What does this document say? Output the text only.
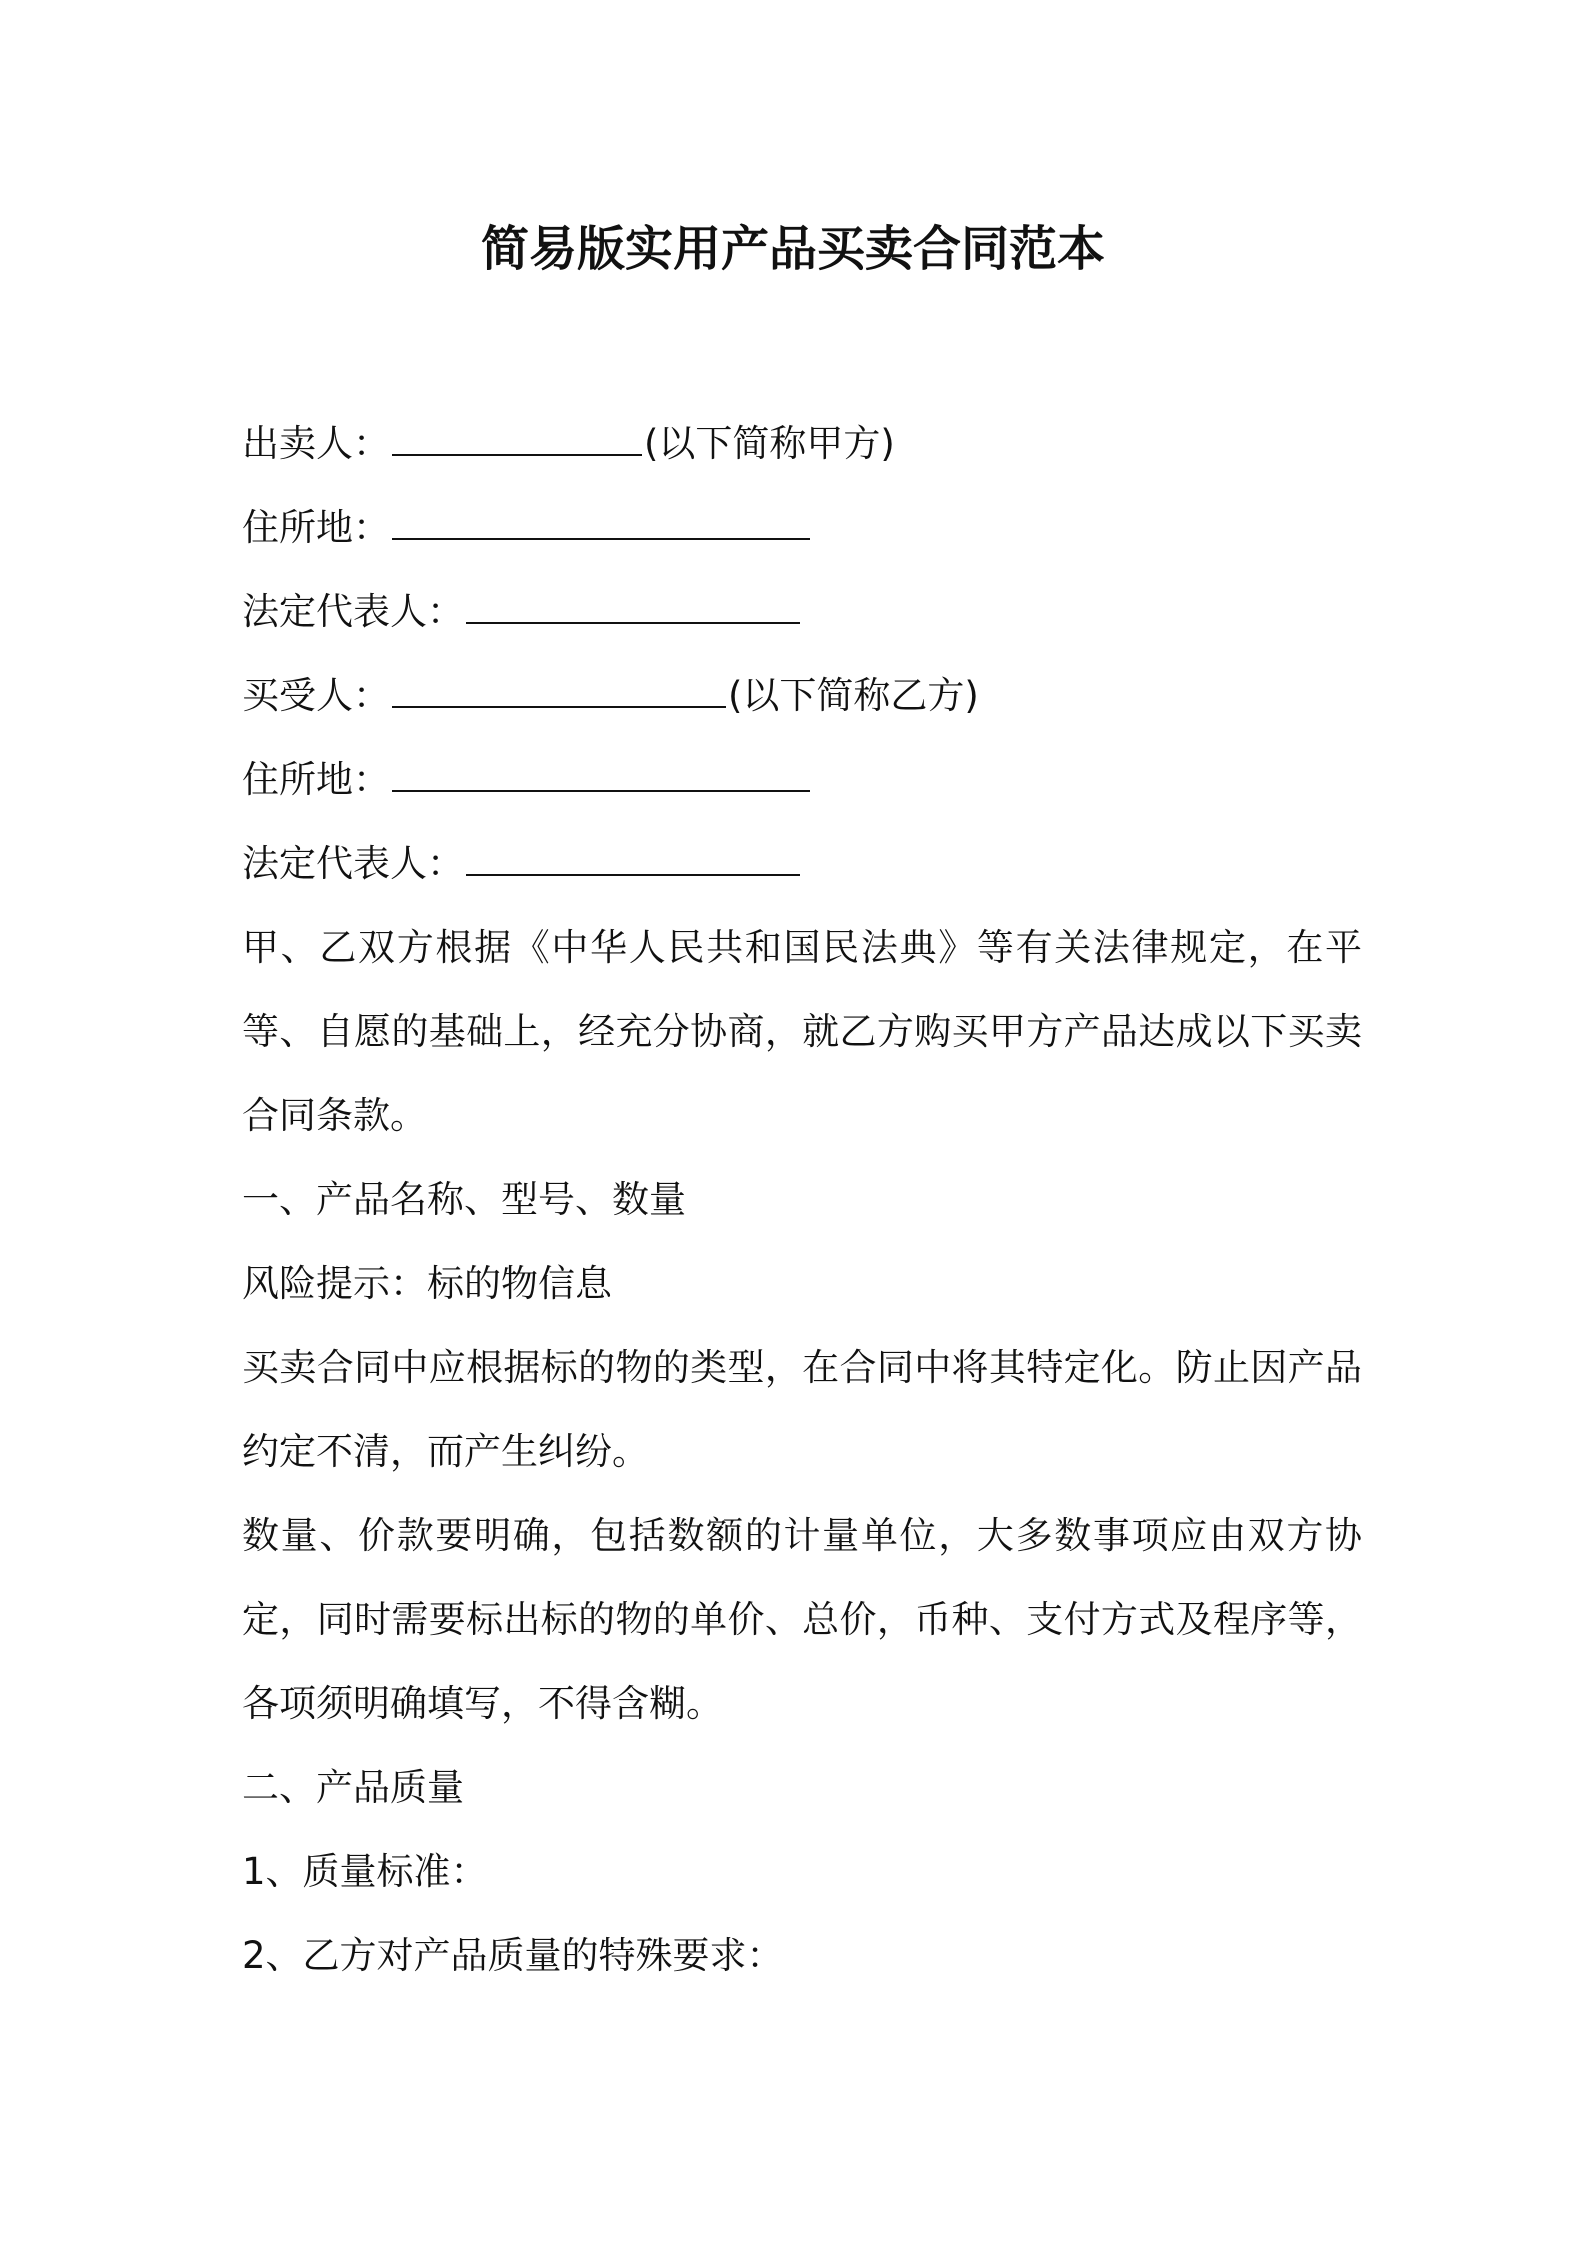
简易版实用产品买卖合同范本
出卖人：	(以下简称甲方)
住所地：
法定代表人：
买受人：	(以下简称乙方)
住所地：
法定代表人：
甲、乙双方根据《中华人民共和国民法典》等有关法律规定，在平等、自愿的基础上，经充分协商，就乙方购买甲方产品达成以下买卖合同条款。
一、产品名称、型号、数量
风险提示：标的物信息
买卖合同中应根据标的物的类型，在合同中将其特定化。防止因产品约定不清，而产生纠纷。
数量、价款要明确，包括数额的计量单位，大多数事项应由双方协定，同时需要标出标的物的单价、总价，币种、支付方式及程序等，各项须明确填写，不得含糊。
二、产品质量
1、质量标准：
2、乙方对产品质量的特殊要求：
